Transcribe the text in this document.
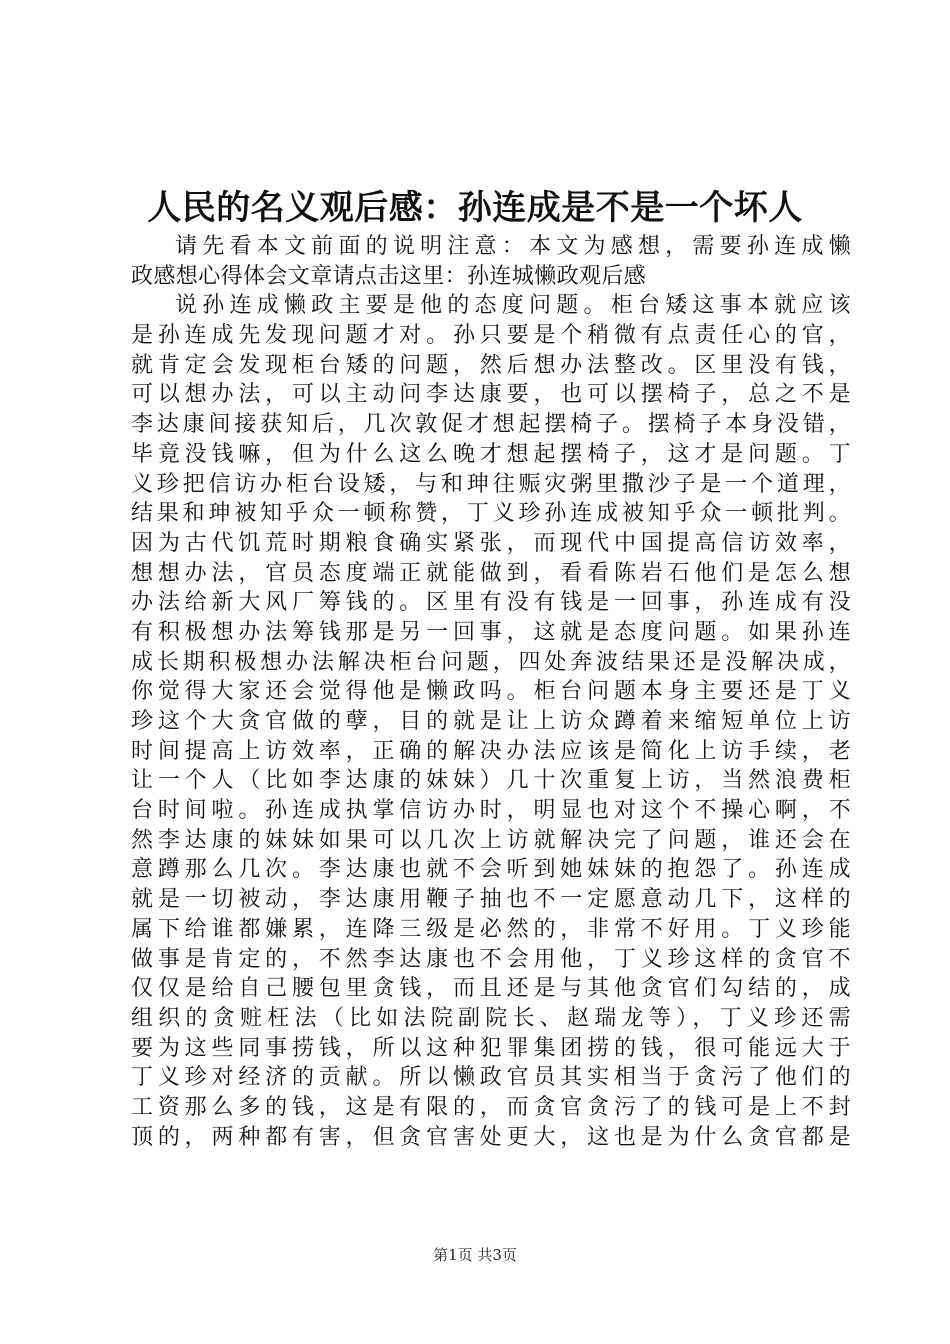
人民的名义观后感：孙连成是不是一个坏人
请先看本文前面的说明注意：本文为感想，需要孙连成懒
政感想心得体会文章请点击这里：孙连城懒政观后感
说孙连成懒政主要是他的态度问题。柜台矮这事本就应该
是孙连成先发现问题才对。孙只要是个稍微有点责任心的官，
就肯定会发现柜台矮的问题，然后想办法整改。区里没有钱，
可以想办法，可以主动问李达康要，也可以摆椅子，总之不是
李达康间接获知后，几次敦促才想起摆椅子。摆椅子本身没错，
毕竟没钱嘛，但为什么这么晚才想起摆椅子，这才是问题。丁
义珍把信访办柜台设矮，与和珅往赈灾粥里撒沙子是一个道理，
结果和珅被知乎众一顿称赞，丁义珍孙连成被知乎众一顿批判。
因为古代饥荒时期粮食确实紧张，而现代中国提高信访效率，
想想办法，官员态度端正就能做到，看看陈岩石他们是怎么想
办法给新大风厂筹钱的。区里有没有钱是一回事，孙连成有没
有积极想办法筹钱那是另一回事，这就是态度问题。如果孙连
成长期积极想办法解决柜台问题，四处奔波结果还是没解决成，
你觉得大家还会觉得他是懒政吗。柜台问题本身主要还是丁义
珍这个大贪官做的孽，目的就是让上访众蹲着来缩短单位上访
时间提高上访效率，正确的解决办法应该是简化上访手续，老
让一个人（比如李达康的妹妹）几十次重复上访，当然浪费柜
台时间啦。孙连成执掌信访办时，明显也对这个不操心啊，不
然李达康的妹妹如果可以几次上访就解决完了问题，谁还会在
意蹲那么几次。李达康也就不会听到她妹妹的抱怨了。孙连成
就是一切被动，李达康用鞭子抽也不一定愿意动几下，这样的
属下给谁都嫌累，连降三级是必然的，非常不好用。丁义珍能
做事是肯定的，不然李达康也不会用他，丁义珍这样的贪官不
仅仅是给自己腰包里贪钱，而且还是与其他贪官们勾结的，成
组织的贪赃枉法（比如法院副院长、赵瑞龙等），丁义珍还需
要为这些同事捞钱，所以这种犯罪集团捞的钱，很可能远大于
丁义珍对经济的贡献。所以懒政官员其实相当于贪污了他们的
工资那么多的钱，这是有限的，而贪官贪污了的钱可是上不封
顶的，两种都有害，但贪官害处更大，这也是为什么贪官都是
第1页 共3页
